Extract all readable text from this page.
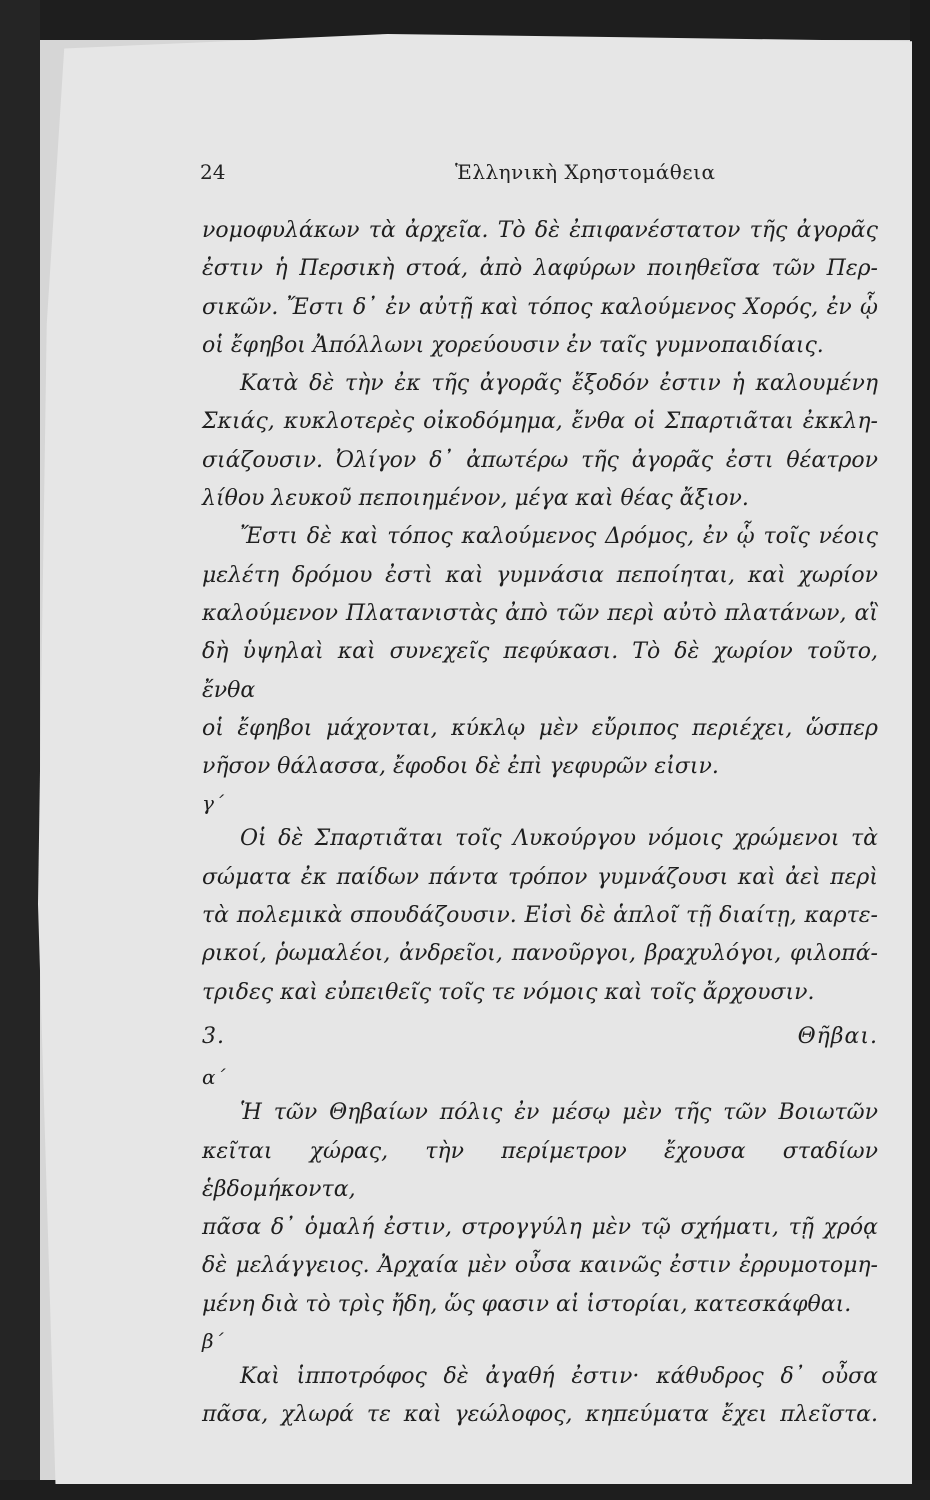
24	Ἑλληνικὴ Χρηστομάθεια

νομοφυλάκων τὰ ἀρχεῖα. Τὸ δὲ ἐπιφανέστατον τῆς ἀγορᾶς

ἐστιν ἡ Περσικὴ στοά, ἀπὸ λαφύρων ποιηθεῖσα τῶν Περ-

σικῶν. Ἔστι δ᾽ ἐν αὐτῇ καὶ τόπος καλούμενος Χορός, ἐν ᾧ

οἱ ἔφηβοι Ἀπόλλωνι χορεύουσιν ἐν ταῖς γυμνοπαιδίαις.

Κατὰ δὲ τὴν ἐκ τῆς ἀγορᾶς ἔξοδόν ἐστιν ἡ καλουμένη

Σκιάς, κυκλοτερὲς οἰκοδόμημα, ἔνθα οἱ Σπαρτιᾶται ἐκκλη-

σιάζουσιν. Ὀλίγον δ᾽ ἀπωτέρω τῆς ἀγορᾶς ἐστι θέατρον

λίθου λευκοῦ πεποιημένον, μέγα καὶ θέας ἄξιον.

Ἔστι δὲ καὶ τόπος καλούμενος Δρόμος, ἐν ᾧ τοῖς νέοις

μελέτη δρόμου ἐστὶ καὶ γυμνάσια πεποίηται, καὶ χωρίον

καλούμενον Πλατανιστὰς ἀπὸ τῶν περὶ αὐτὸ πλατάνων, αἳ

δὴ ὑψηλαὶ καὶ συνεχεῖς πεφύκασι. Τὸ δὲ χωρίον τοῦτο, ἔνθα

οἱ ἔφηβοι μάχονται, κύκλῳ μὲν εὔριπος περιέχει, ὥσπερ

νῆσον θάλασσα, ἔφοδοι δὲ ἐπὶ γεφυρῶν εἰσιν.

γ´

Οἱ δὲ Σπαρτιᾶται τοῖς Λυκούργου νόμοις χρώμενοι τὰ

σώματα ἐκ παίδων πάντα τρόπον γυμνάζουσι καὶ ἀεὶ περὶ

τὰ πολεμικὰ σπουδάζουσιν. Εἰσὶ δὲ ἁπλοῖ τῇ διαίτῃ, καρτε-

ρικοί, ῥωμαλέοι, ἀνδρεῖοι, πανοῦργοι, βραχυλόγοι, φιλοπά-

τριδες καὶ εὐπειθεῖς τοῖς τε νόμοις καὶ τοῖς ἄρχουσιν.

3. Θῆβαι.

α´

Ἡ τῶν Θηβαίων πόλις ἐν μέσῳ μὲν τῆς τῶν Βοιωτῶν

κεῖται χώρας, τὴν περίμετρον ἔχουσα σταδίων ἑβδομήκοντα,

πᾶσα δ᾽ ὁμαλή ἐστιν, στρογγύλη μὲν τῷ σχήματι, τῇ χρόᾳ

δὲ μελάγγειος. Ἀρχαία μὲν οὖσα καινῶς ἐστιν ἐρρυμοτομη-

μένη διὰ τὸ τρὶς ἤδη, ὥς φασιν αἱ ἱστορίαι, κατεσκάφθαι.

β´

Καὶ ἱπποτρόφος δὲ ἀγαθή ἐστιν· κάθυδρος δ᾽ οὖσα

πᾶσα, χλωρά τε καὶ γεώλοφος, κηπεύματα ἔχει πλεῖστα.
